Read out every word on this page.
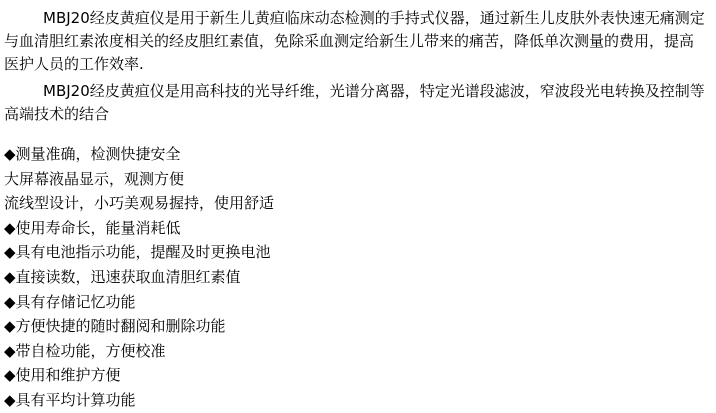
MBJ20经皮黄疸仪是用于新生儿黄疸临床动态检测的手持式仪器，通过新生儿皮肤外表快速无痛测定与血清胆红素浓度相关的经皮胆红素值，免除采血测定给新生儿带来的痛苦，降低单次测量的费用，提高医护人员的工作效率.

MBJ20经皮黄疸仪是用高科技的光导纤维，光谱分离器，特定光谱段滤波，窄波段光电转换及控制等高端技术的结合

◆测量准确，检测快捷安全
大屏幕液晶显示，观测方便
流线型设计，小巧美观易握持，使用舒适
◆使用寿命长，能量消耗低
◆具有电池指示功能，提醒及时更换电池
◆直接读数，迅速获取血清胆红素值
◆具有存储记忆功能
◆方便快捷的随时翻阅和删除功能
◆带自检功能，方便校准
◆使用和维护方便
◆具有平均计算功能
